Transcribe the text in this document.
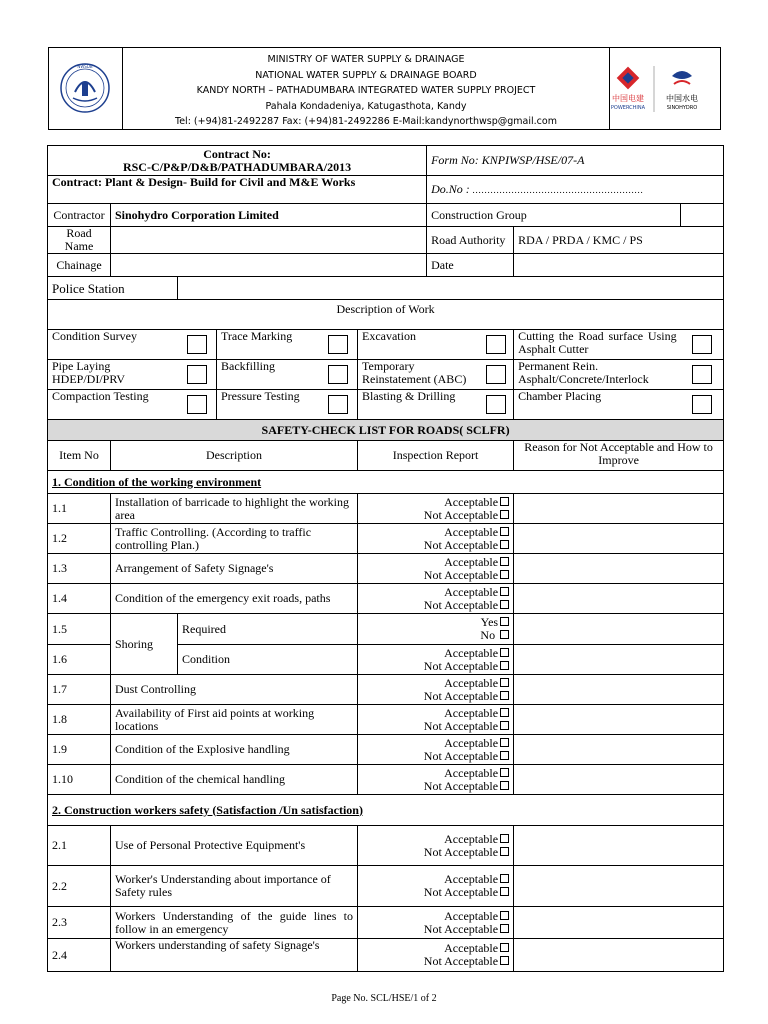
NWSDB
MINISTRY OF WATER SUPPLY & DRAINAGE
NATIONAL WATER SUPPLY & DRAINAGE BOARD
KANDY NORTH – PATHADUMBARA INTEGRATED WATER SUPPLY PROJECT
Pahala Kondadeniya, Katugasthota, Kandy
Tel: (+94)81-2492287 Fax: (+94)81-2492286 E-Mail:kandynorthwsp@gmail.com
中国电建
POWERCHINA
中国水电
SINOHYDRO
Contract No:
RSC-C/P&P/D&B/PATHADUMBARA/2013						Form No: KNPIWSP/HSE/07-A			
Contract: Plant & Design- Build for Civil and M&E Works						Do.No : …………………………………………………			
Contractor	Sinohydro Corporation Limited					Construction Group			
Road Name						Road Authority		RDA / PRDA / KMC / PS	
Chainage						Date			
Police Station									
Description of Work									
Condition Survey			Trace Marking		Excavation			Cutting the Road surface Using Asphalt Cutter	
Pipe Laying HDEP/DI/PRV			Backfilling		Temporary Reinstatement (ABC)			Permanent Rein. Asphalt/Concrete/Interlock	
Compaction Testing			Pressure Testing		Blasting & Drilling			Chamber Placing	
SAFETY-CHECK LIST FOR ROADS( SCLFR)									
Item No	Description				Inspection Report			Reason for Not Acceptable and How to Improve	
1. Condition of the working environment									
1.1	Installation of barricade to highlight the working area				Acceptable
Not Acceptable				

1.2	Traffic Controlling. (According to traffic controlling Plan.)				Acceptable
Not Acceptable				

1.3	Arrangement of Safety Signage's				Acceptable
Not Acceptable				

1.4	Condition of the emergency exit roads, paths				Acceptable
Not Acceptable				

1.5	Shoring	Required			Yes
No				

1.6		Condition			Acceptable
Not Acceptable				

1.7	Dust Controlling				Acceptable
Not Acceptable				

1.8	Availability of First aid points at working locations				Acceptable
Not Acceptable				

1.9	Condition of the Explosive handling				Acceptable
Not Acceptable				

1.10	Condition of the chemical handling				Acceptable
Not Acceptable				

2. Construction workers safety (Satisfaction /Un satisfaction)									
2.1	Use of Personal Protective Equipment's				Acceptable
Not Acceptable				

2.2	Worker's Understanding about importance of Safety rules				Acceptable
Not Acceptable				

2.3	Workers Understanding of the guide lines to follow in an emergency				Acceptable
Not Acceptable				

2.4	Workers understanding of safety Signage's				Acceptable
Not Acceptable				

Page No. SCL/HSE/1 of 2
